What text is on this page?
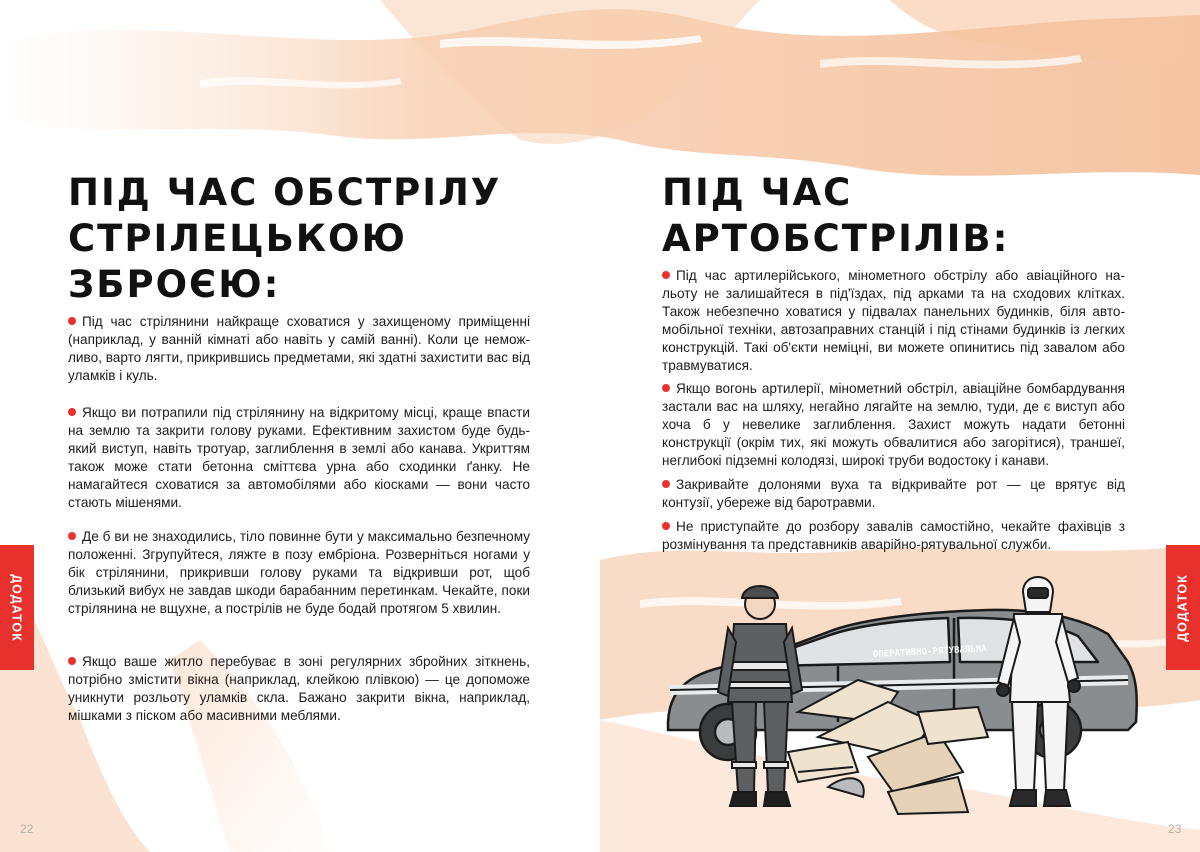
ПІД ЧАС ОБСТРІЛУ
СТРІЛЕЦЬКОЮ
ЗБРОЄЮ:

Під час стрілянини найкраще сховатися у захищеному приміщенні (наприклад, у ванній кімнаті або навіть у самій ванні). Коли це неможливо, варто лягти, прикрившись предметами, які здатні захистити вас від уламків і куль.

Якщо ви потрапили під стрілянину на відкритому місці, краще впасти на землю та закрити голову руками. Ефективним захистом буде будь-який виступ, навіть тротуар, заглиблення в землі або канава. Укриттям також може стати бетонна сміттєва урна або сходинки ґанку. Не намагайтеся сховатися за автомобілями або кіосками — вони часто стають мішенями.

Де б ви не знаходились, тіло повинне бути у максимально безпечному положенні. Згрупуйтеся, ляжте в позу ембріона. Розверніться ногами у бік стрілянини, прикривши голову руками та відкривши рот, щоб близький вибух не завдав шкоди барабанним перетинкам. Чекайте, поки стрілянина не вщухне, а пострілів не буде бодай протягом 5 хвилин.

Якщо ваше житло перебуває в зоні регулярних збройних зіткнень, потрібно змістити вікна (наприклад, клейкою плівкою) — це допоможе уникнути розльоту уламків скла. Бажано закрити вікна, наприклад, мішками з піском або масивними меблями.

ДОДАТОК
22
ПІД ЧАС
АРТОБСТРІЛІВ:

Під час артилерійського, мінометного обстрілу або авіаційного нальоту не залишайтеся в під'їздах, під арками та на сходових клітках. Також небезпечно ховатися у підвалах панельних будинків, біля автомобільної техніки, автозаправних станцій і під стінами будинків із легких конструкцій. Такі об'єкти неміцні, ви можете опинитись під завалом або травмуватися.

Якщо вогонь артилерії, мінометний обстріл, авіаційне бомбардування застали вас на шляху, негайно лягайте на землю, туди, де є виступ або хоча б у невелике заглиблення. Захист можуть надати бетонні конструкції (окрім тих, які можуть обвалитися або загорітися), траншеї, неглибокі підземні колодязі, широкі труби водостоку і канави.

Закривайте долонями вуха та відкривайте рот — це врятує від контузії, убереже від баротравми.

Не приступайте до розбору завалів самостійно, чекайте фахівців з розмінування та представників аварійно-рятувальної служби.

ОПЕРАТИВНО-РЯТУВАЛЬНА
ДОДАТОК
23
